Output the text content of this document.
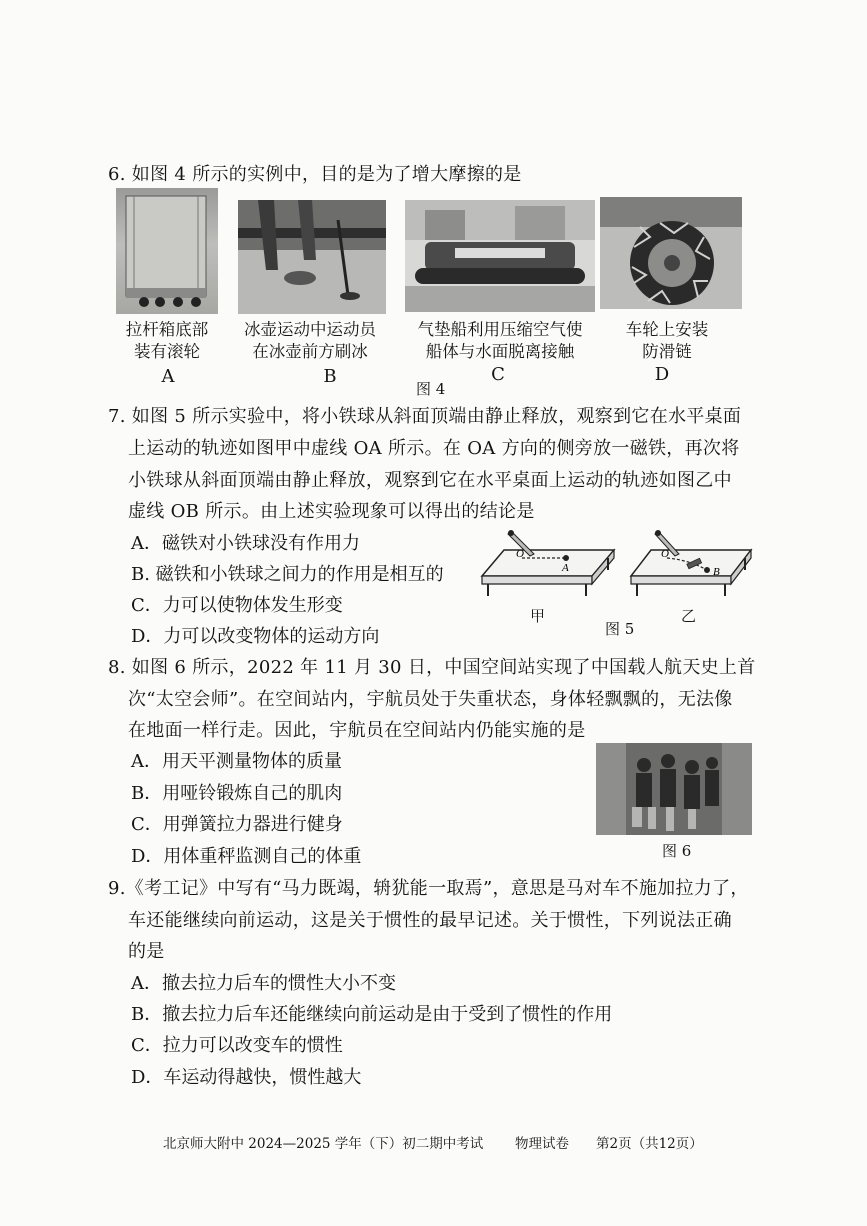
6. 如图 4 所示的实例中，目的是为了增大摩擦的是
拉杆箱底部
装有滚轮
A
冰壶运动中运动员
在冰壶前方刷冰
B
气垫船利用压缩空气使
船体与水面脱离接触
C
车轮上安装
防滑链
D
图 4
7. 如图 5 所示实验中，将小铁球从斜面顶端由静止释放，观察到它在水平桌面
上运动的轨迹如图甲中虚线 OA 所示。在 OA 方向的侧旁放一磁铁，再次将
小铁球从斜面顶端由静止释放，观察到它在水平桌面上运动的轨迹如图乙中
虚线 OB 所示。由上述实验现象可以得出的结论是
A．磁铁对小铁球没有作用力
B. 磁铁和小铁球之间力的作用是相互的
C．力可以使物体发生形变
D．力可以改变物体的运动方向
O
A
O
B
甲
图 5
乙
8. 如图 6 所示，2022 年 11 月 30 日，中国空间站实现了中国载人航天史上首
次“太空会师”。在空间站内，宇航员处于失重状态，身体轻飘飘的，无法像
在地面一样行走。因此，宇航员在空间站内仍能实施的是
A．用天平测量物体的质量
B．用哑铃锻炼自己的肌肉
C．用弹簧拉力器进行健身
D．用体重秤监测自己的体重	图 6
9.《考工记》中写有“马力既竭，辀犹能一取焉”，意思是马对车不施加拉力了，
车还能继续向前运动，这是关于惯性的最早记述。关于惯性，下列说法正确
的是
A．撤去拉力后车的惯性大小不变
B．撤去拉力后车还能继续向前运动是由于受到了惯性的作用
C．拉力可以改变车的惯性
D．车运动得越快，惯性越大
北京师大附中 2024—2025 学年（下）初二期中考试 物理试卷 第2页（共12页）
